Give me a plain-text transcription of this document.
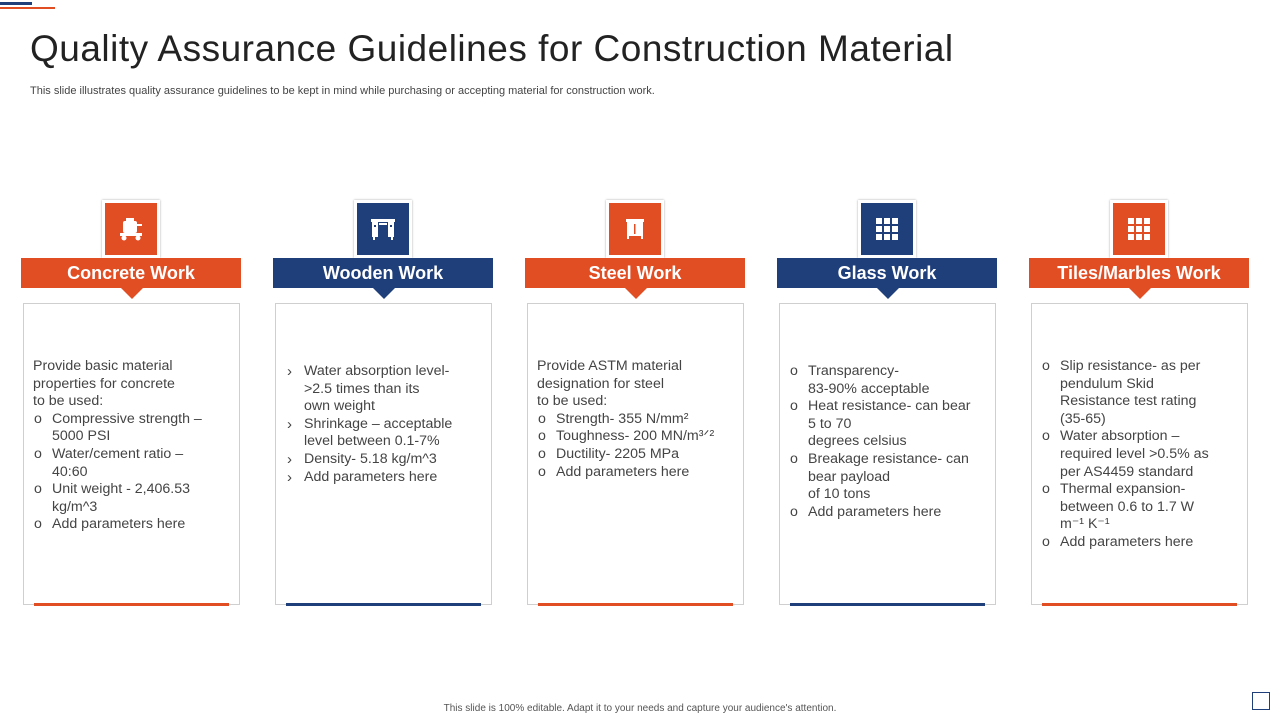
Quality Assurance Guidelines for Construction Material
This slide illustrates quality assurance guidelines to be kept in mind while purchasing or accepting material for construction work.
Concrete Work

Provide basic material

properties for concrete

to be used:

o Compressive strength –
5000 PSI
o Water/cement ratio –
40:60
o Unit weight - 2,406.53
kg/m^3
o Add parameters here
Wooden Work
› Water absorption level-
>2.5 times than its
own weight
› Shrinkage – acceptable
level between 0.1-7%
› Density- 5.18 kg/m^3
› Add parameters here
Steel Work

Provide ASTM material

designation for steel

to be used:

o Strength- 355 N/mm²
o Toughness- 200 MN/m³ᐟ²
o Ductility- 2205 MPa
o Add parameters here
Glass Work
o Transparency-
83-90% acceptable
o Heat resistance- can bear
5 to 70
degrees celsius
o Breakage resistance- can
bear payload
of 10 tons
o Add parameters here
Tiles/Marbles Work
o Slip resistance- as per
pendulum Skid
Resistance test rating
(35-65)
o Water absorption –
required level >0.5% as
per AS4459 standard
o Thermal expansion-
between 0.6 to 1.7 W
m⁻¹ K⁻¹
o Add parameters here
This slide is 100% editable. Adapt it to your needs and capture your audience's attention.
